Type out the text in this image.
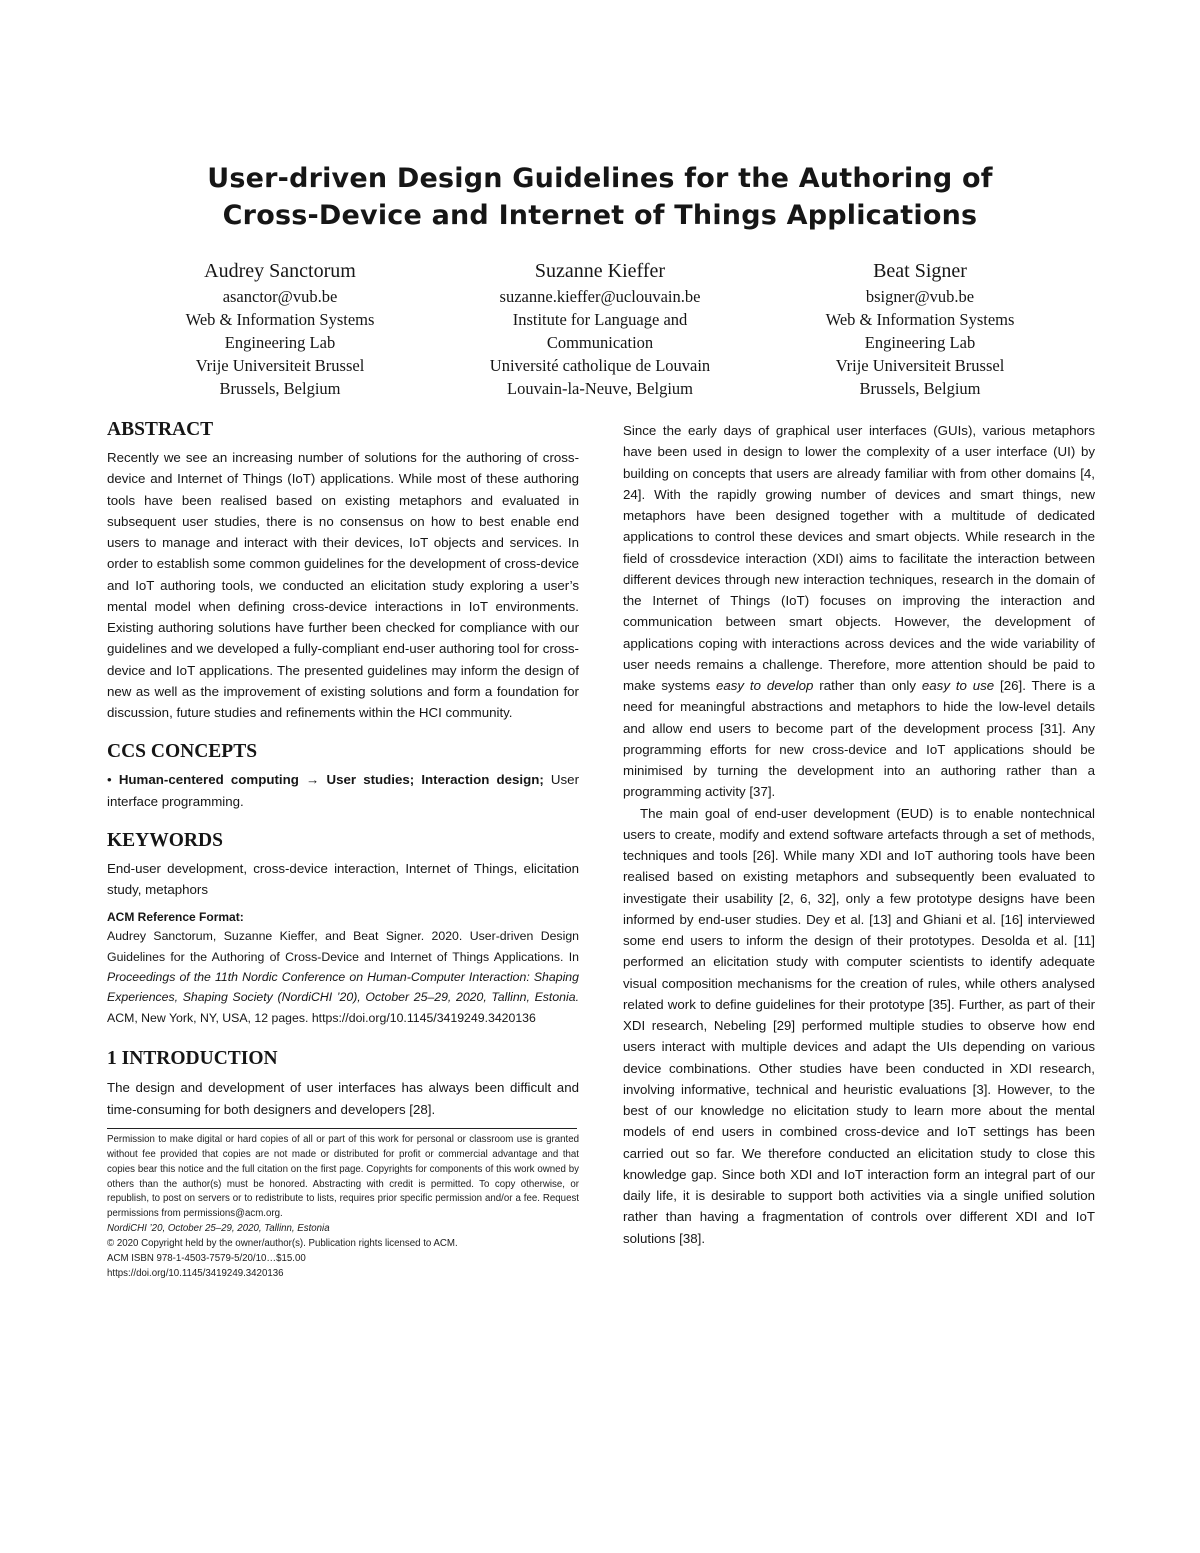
User-driven Design Guidelines for the Authoring of
Cross-Device and Internet of Things Applications
Audrey Sanctorum
asanctor@vub.be
Web & Information Systems
Engineering Lab
Vrije Universiteit Brussel
Brussels, Belgium
Suzanne Kieffer
suzanne.kieffer@uclouvain.be
Institute for Language and
Communication
Université catholique de Louvain
Louvain-la-Neuve, Belgium
Beat Signer
bsigner@vub.be
Web & Information Systems
Engineering Lab
Vrije Universiteit Brussel
Brussels, Belgium
ABSTRACT

Recently we see an increasing number of solutions for the authoring of cross-device and Internet of Things (IoT) applications. While most of these authoring tools have been realised based on existing metaphors and evaluated in subsequent user studies, there is no consensus on how to best enable end users to manage and interact with their devices, IoT objects and services. In order to establish some common guidelines for the development of cross-device and IoT authoring tools, we conducted an elicitation study exploring a user’s mental model when defining cross-device interactions in IoT environments. Existing authoring solutions have further been checked for compliance with our guidelines and we developed a fully-compliant end-user authoring tool for cross-device and IoT applications. The presented guidelines may inform the design of new as well as the improvement of existing solutions and form a foundation for discussion, future studies and refinements within the HCI community.

CCS CONCEPTS

• Human-centered computing → User studies; Interaction design; User interface programming.

KEYWORDS

End-user development, cross-device interaction, Internet of Things, elicitation study, metaphors

ACM Reference Format:

Audrey Sanctorum, Suzanne Kieffer, and Beat Signer. 2020. User-driven Design Guidelines for the Authoring of Cross-Device and Internet of Things Applications. In Proceedings of the 11th Nordic Conference on Human-Computer Interaction: Shaping Experiences, Shaping Society (NordiCHI ’20), October 25–29, 2020, Tallinn, Estonia. ACM, New York, NY, USA, 12 pages. https://doi.org/10.1145/3419249.3420136

1 INTRODUCTION

The design and development of user interfaces has always been difficult and time-consuming for both designers and developers [28].

Permission to make digital or hard copies of all or part of this work for personal or classroom use is granted without fee provided that copies are not made or distributed for profit or commercial advantage and that copies bear this notice and the full citation on the first page. Copyrights for components of this work owned by others than the author(s) must be honored. Abstracting with credit is permitted. To copy otherwise, or republish, to post on servers or to redistribute to lists, requires prior specific permission and/or a fee. Request permissions from permissions@acm.org.

NordiCHI ’20, October 25–29, 2020, Tallinn, Estonia

© 2020 Copyright held by the owner/author(s). Publication rights licensed to ACM.

ACM ISBN 978-1-4503-7579-5/20/10…$15.00

https://doi.org/10.1145/3419249.3420136

Since the early days of graphical user interfaces (GUIs), various metaphors have been used in design to lower the complexity of a user interface (UI) by building on concepts that users are already familiar with from other domains [4, 24]. With the rapidly growing number of devices and smart things, new metaphors have been designed together with a multitude of dedicated applications to control these devices and smart objects. While research in the field of crossdevice interaction (XDI) aims to facilitate the interaction between different devices through new interaction techniques, research in the domain of the Internet of Things (IoT) focuses on improving the interaction and communication between smart objects. However, the development of applications coping with interactions across devices and the wide variability of user needs remains a challenge. Therefore, more attention should be paid to make systems easy to develop rather than only easy to use [26]. There is a need for meaningful abstractions and metaphors to hide the low-level details and allow end users to become part of the development process [31]. Any programming efforts for new cross-device and IoT applications should be minimised by turning the development into an authoring rather than a programming activity [37].

The main goal of end-user development (EUD) is to enable nontechnical users to create, modify and extend software artefacts through a set of methods, techniques and tools [26]. While many XDI and IoT authoring tools have been realised based on existing metaphors and subsequently been evaluated to investigate their usability [2, 6, 32], only a few prototype designs have been informed by end-user studies. Dey et al. [13] and Ghiani et al. [16] interviewed some end users to inform the design of their prototypes. Desolda et al. [11] performed an elicitation study with computer scientists to identify adequate visual composition mechanisms for the creation of rules, while others analysed related work to define guidelines for their prototype [35]. Further, as part of their XDI research, Nebeling [29] performed multiple studies to observe how end users interact with multiple devices and adapt the UIs depending on various device combinations. Other studies have been conducted in XDI research, involving informative, technical and heuristic evaluations [3]. However, to the best of our knowledge no elicitation study to learn more about the mental models of end users in combined cross-device and IoT settings has been carried out so far. We therefore conducted an elicitation study to close this knowledge gap. Since both XDI and IoT interaction form an integral part of our daily life, it is desirable to support both activities via a single unified solution rather than having a fragmentation of controls over different XDI and IoT solutions [38].
